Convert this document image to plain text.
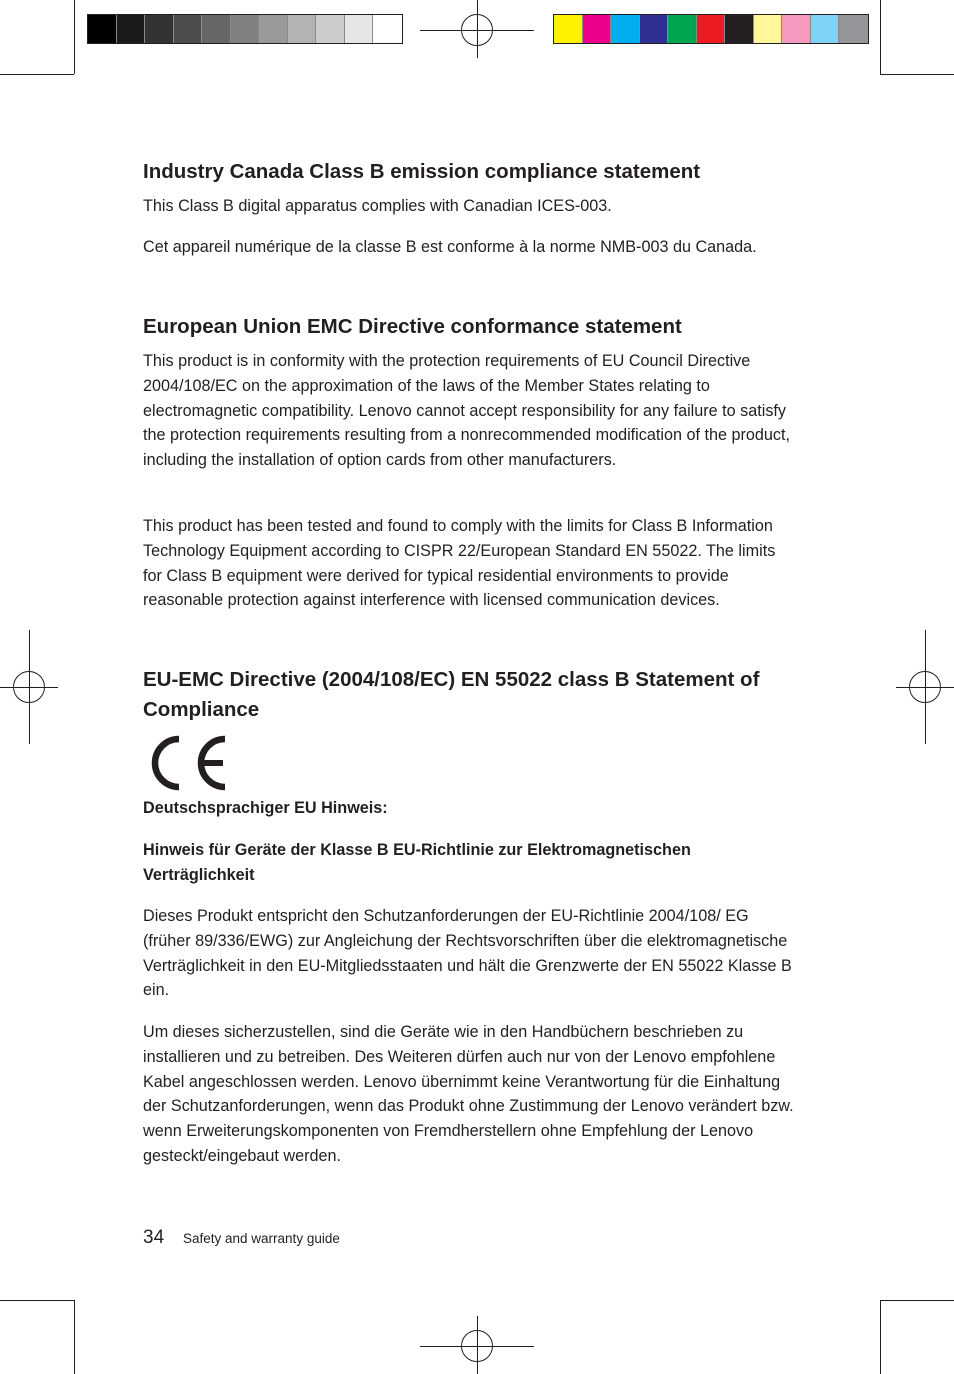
Industry Canada Class B emission compliance statement

This Class B digital apparatus complies with Canadian ICES-003.

Cet appareil numérique de la classe B est conforme à la norme NMB-003 du Canada.

European Union EMC Directive conformance statement

This product is in conformity with the protection requirements of EU Council Directive 2004/108/EC on the approximation of the laws of the Member States relating to electromagnetic compatibility. Lenovo cannot accept responsibility for any failure to satisfy the protection requirements resulting from a nonrecommended modification of the product, including the installation of option cards from other manufacturers.

This product has been tested and found to comply with the limits for Class B Information Technology Equipment according to CISPR 22/European Standard EN 55022. The limits for Class B equipment were derived for typical residential environments to provide reasonable protection against interference with licensed communication devices.

EU-EMC Directive (2004/108/EC) EN 55022 class B Statement of Compliance

Deutschsprachiger EU Hinweis:

Hinweis für Geräte der Klasse B EU-Richtlinie zur Elektromagnetischen Verträglichkeit

Dieses Produkt entspricht den Schutzanforderungen der EU-Richtlinie 2004/108/ EG (früher 89/336/EWG) zur Angleichung der Rechtsvorschriften über die elektromagnetische Verträglichkeit in den EU-Mitgliedsstaaten und hält die Grenzwerte der EN 55022 Klasse B ein.

Um dieses sicherzustellen, sind die Geräte wie in den Handbüchern beschrieben zu installieren und zu betreiben. Des Weiteren dürfen auch nur von der Lenovo empfohlene Kabel angeschlossen werden. Lenovo übernimmt keine Verantwortung für die Einhaltung der Schutzanforderungen, wenn das Produkt ohne Zustimmung der Lenovo verändert bzw. wenn Erweiterungskomponenten von Fremdherstellern ohne Empfehlung der Lenovo gesteckt/eingebaut werden.

34 Safety and warranty guide
